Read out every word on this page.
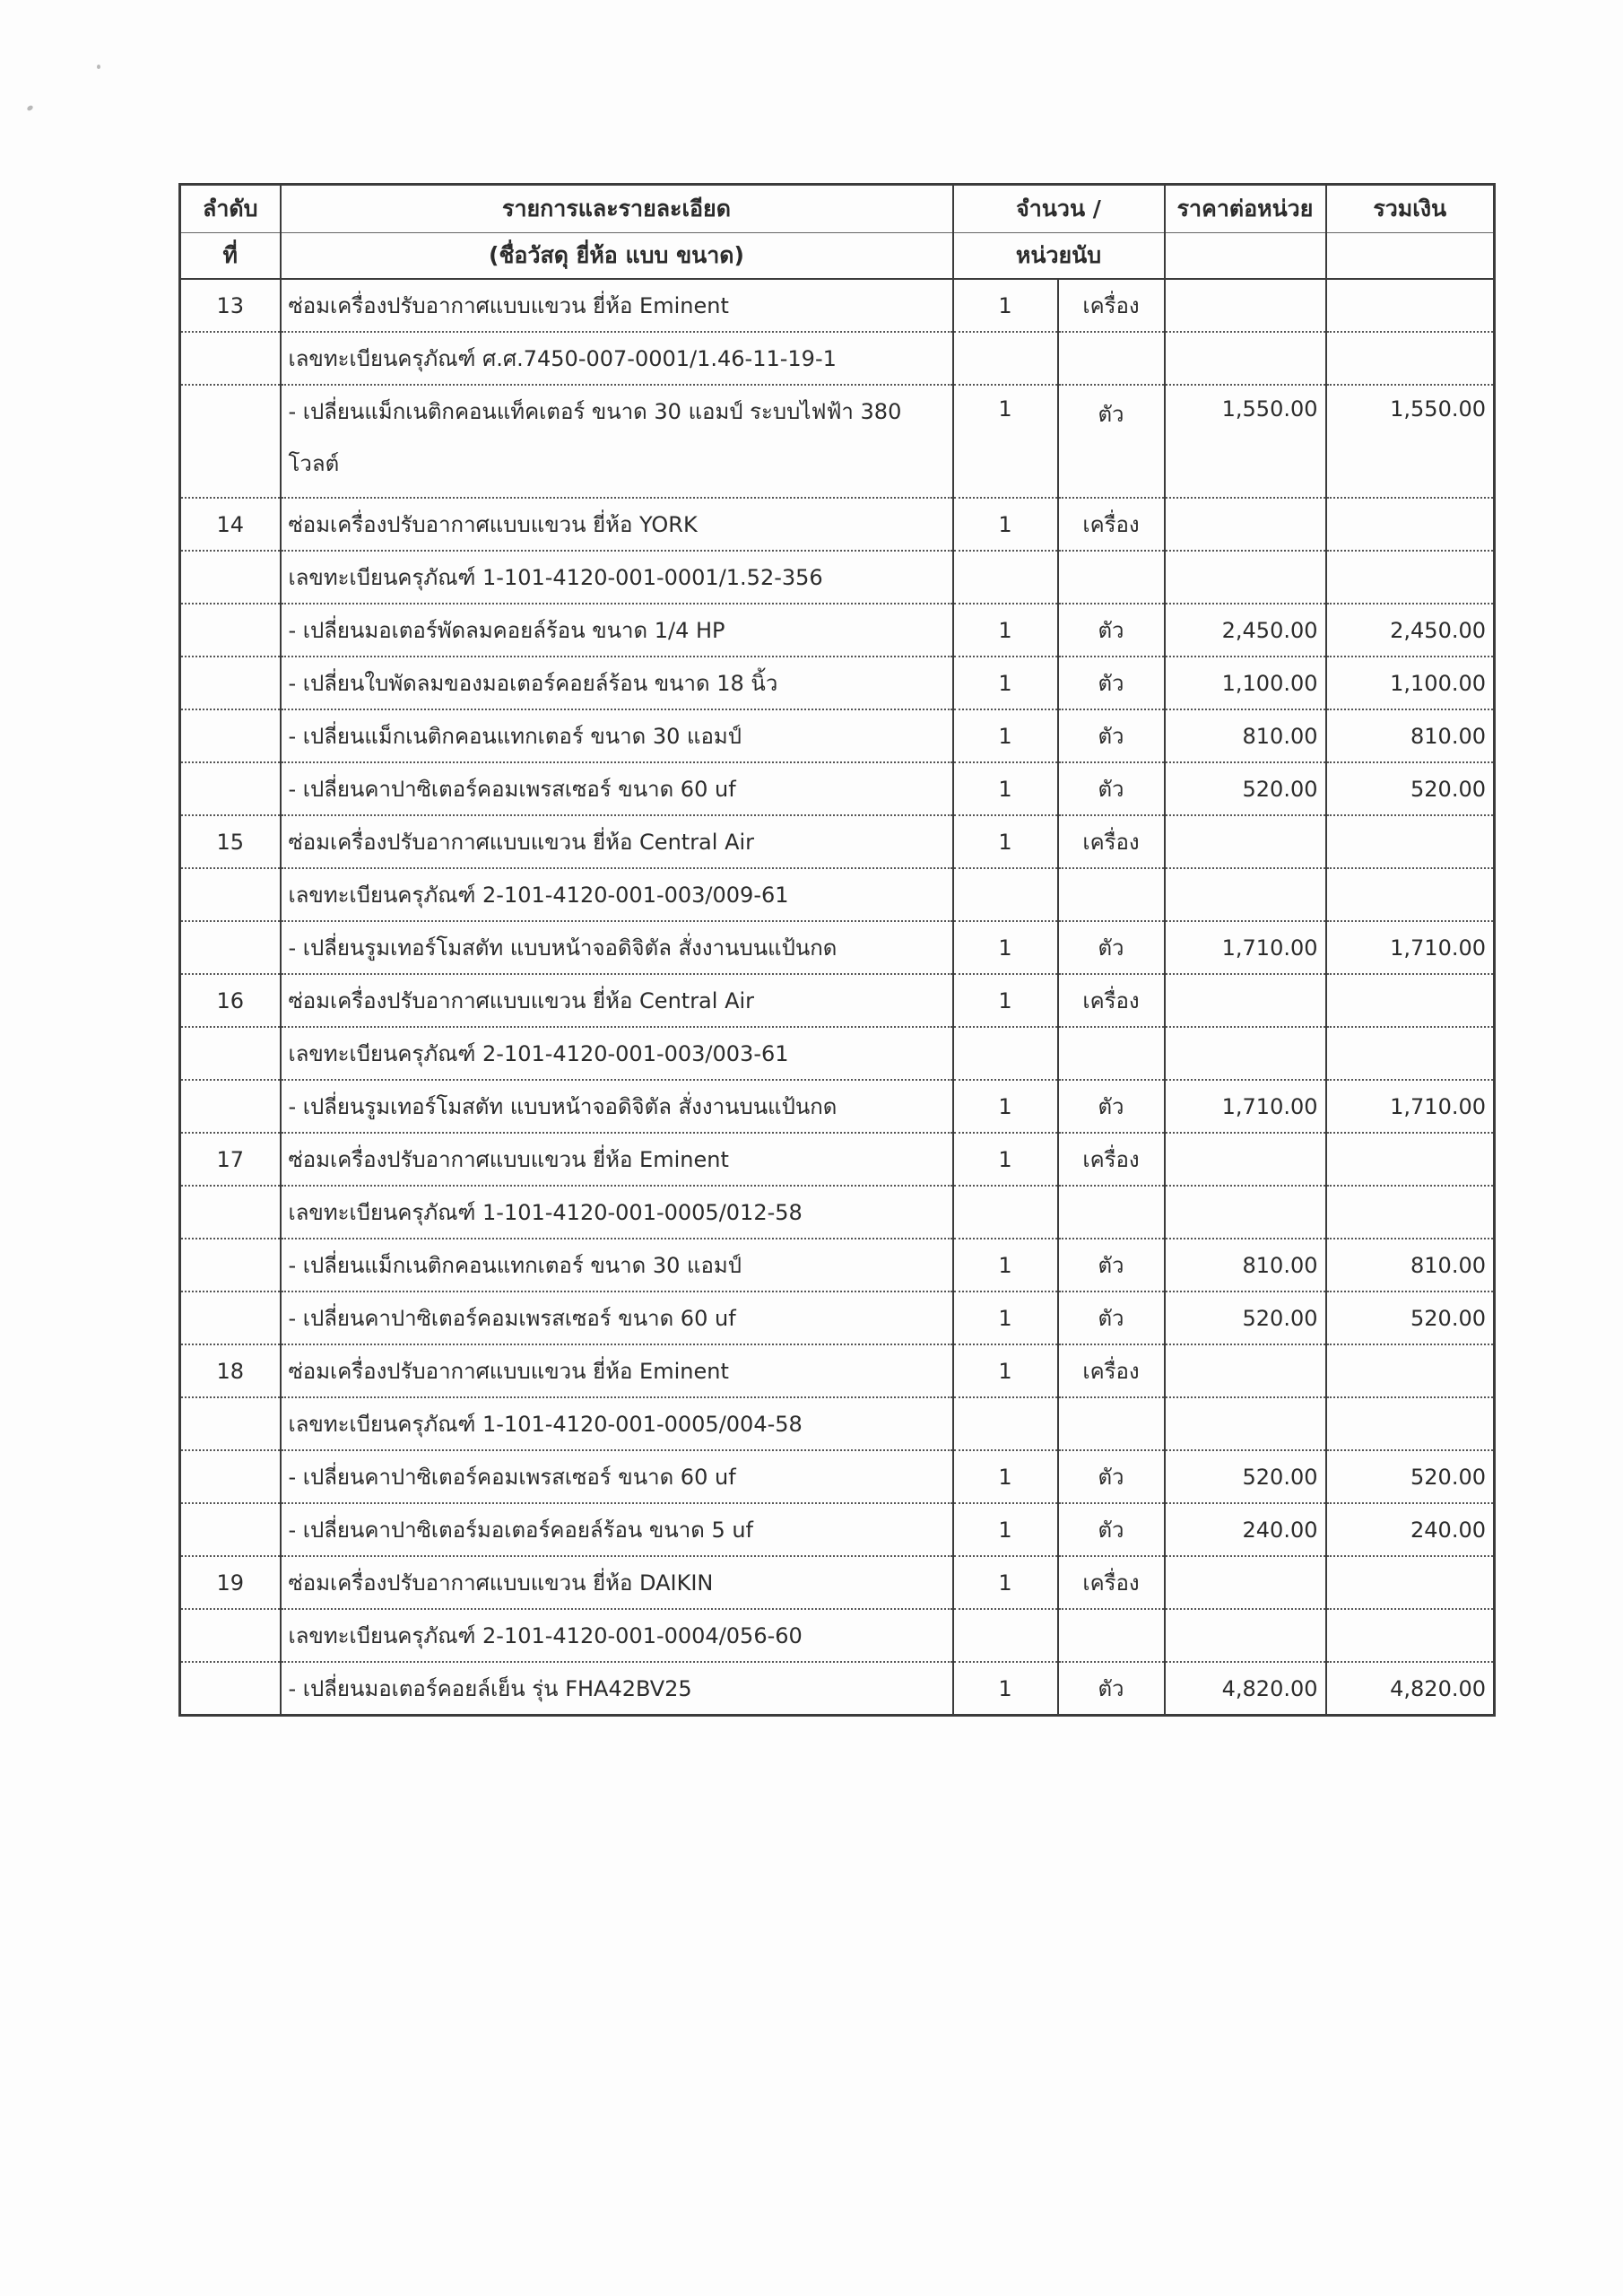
ลำดับ	รายการและรายละเอียด	จำนวน /		ราคาต่อหน่วย	รวมเงิน
ที่	(ชื่อวัสดุ ยี่ห้อ แบบ ขนาด)	หน่วยนับ			
13	ซ่อมเครื่องปรับอากาศแบบแขวน ยี่ห้อ Eminent	1	เครื่อง		
	เลขทะเบียนครุภัณฑ์ ศ.ศ.7450-007-0001/1.46-11-19-1				
	- เปลี่ยนแม็กเนติกคอนแท็คเตอร์ ขนาด 30 แอมป์ ระบบไฟฟ้า 380 โวลต์	1	ตัว	1,550.00	1,550.00
14	ซ่อมเครื่องปรับอากาศแบบแขวน ยี่ห้อ YORK	1	เครื่อง		
	เลขทะเบียนครุภัณฑ์ 1-101-4120-001-0001/1.52-356				
	- เปลี่ยนมอเตอร์พัดลมคอยล์ร้อน ขนาด 1/4 HP	1	ตัว	2,450.00	2,450.00
	- เปลี่ยนใบพัดลมของมอเตอร์คอยล์ร้อน ขนาด 18 นิ้ว	1	ตัว	1,100.00	1,100.00
	- เปลี่ยนแม็กเนติกคอนแทกเตอร์ ขนาด 30 แอมป์	1	ตัว	810.00	810.00
	- เปลี่ยนคาปาซิเตอร์คอมเพรสเซอร์ ขนาด 60 uf	1	ตัว	520.00	520.00
15	ซ่อมเครื่องปรับอากาศแบบแขวน ยี่ห้อ Central Air	1	เครื่อง		
	เลขทะเบียนครุภัณฑ์ 2-101-4120-001-003/009-61				
	- เปลี่ยนรูมเทอร์โมสตัท แบบหน้าจอดิจิตัล สั่งงานบนแป้นกด	1	ตัว	1,710.00	1,710.00
16	ซ่อมเครื่องปรับอากาศแบบแขวน ยี่ห้อ Central Air	1	เครื่อง		
	เลขทะเบียนครุภัณฑ์ 2-101-4120-001-003/003-61				
	- เปลี่ยนรูมเทอร์โมสตัท แบบหน้าจอดิจิตัล สั่งงานบนแป้นกด	1	ตัว	1,710.00	1,710.00
17	ซ่อมเครื่องปรับอากาศแบบแขวน ยี่ห้อ Eminent	1	เครื่อง		
	เลขทะเบียนครุภัณฑ์ 1-101-4120-001-0005/012-58				
	- เปลี่ยนแม็กเนติกคอนแทกเตอร์ ขนาด 30 แอมป์	1	ตัว	810.00	810.00
	- เปลี่ยนคาปาซิเตอร์คอมเพรสเซอร์ ขนาด 60 uf	1	ตัว	520.00	520.00
18	ซ่อมเครื่องปรับอากาศแบบแขวน ยี่ห้อ Eminent	1	เครื่อง		
	เลขทะเบียนครุภัณฑ์ 1-101-4120-001-0005/004-58				
	- เปลี่ยนคาปาซิเตอร์คอมเพรสเซอร์ ขนาด 60 uf	1	ตัว	520.00	520.00
	- เปลี่ยนคาปาซิเตอร์มอเตอร์คอยล์ร้อน ขนาด 5 uf	1	ตัว	240.00	240.00
19	ซ่อมเครื่องปรับอากาศแบบแขวน ยี่ห้อ DAIKIN	1	เครื่อง		
	เลขทะเบียนครุภัณฑ์ 2-101-4120-001-0004/056-60				
	- เปลี่ยนมอเตอร์คอยล์เย็น รุ่น FHA42BV25	1	ตัว	4,820.00	4,820.00
